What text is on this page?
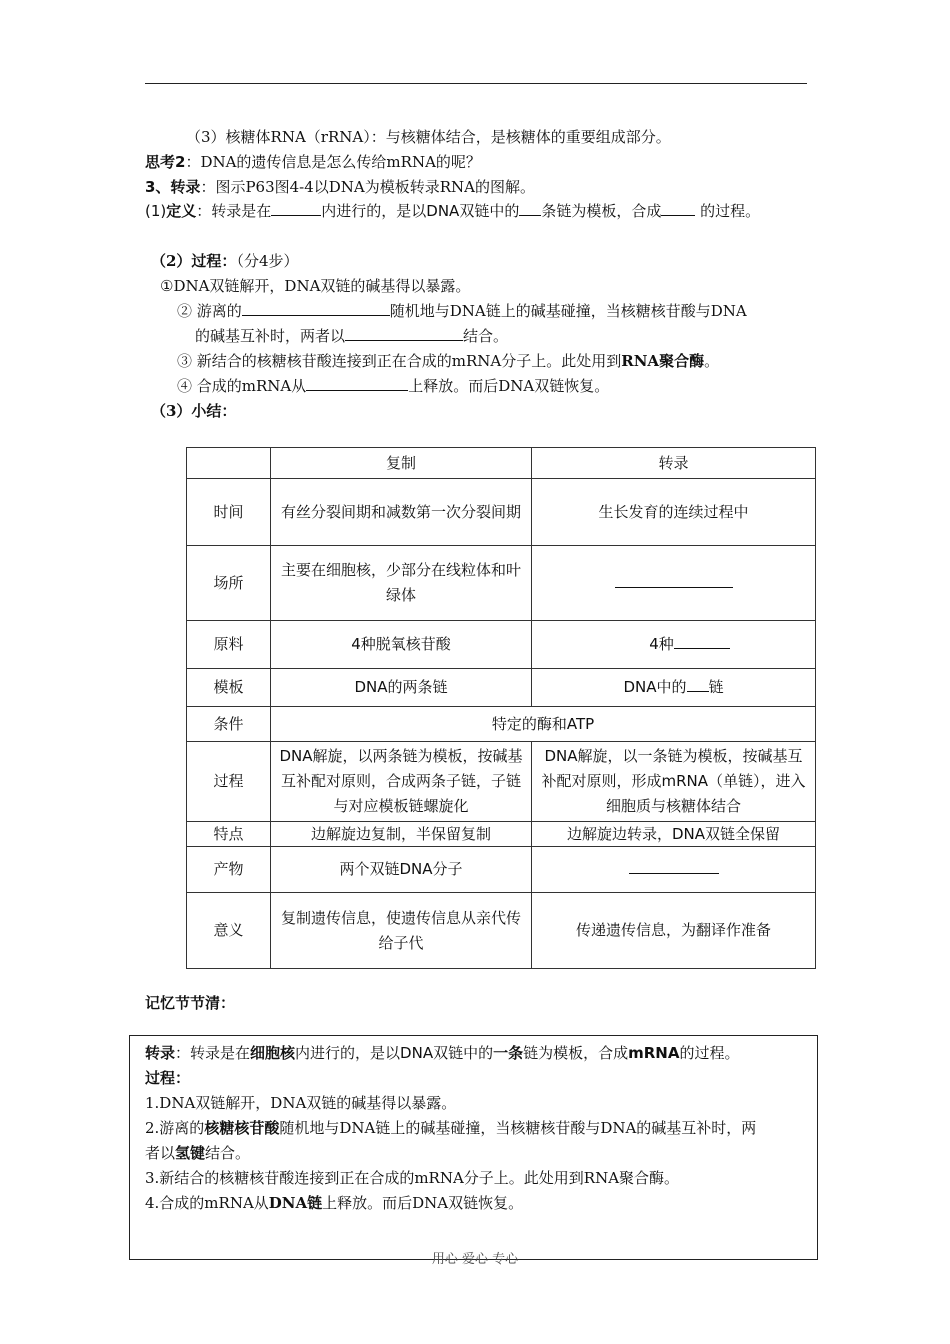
（3）核糖体RNA（rRNA）：与核糖体结合，是核糖体的重要组成部分。
思考2：DNA的遗传信息是怎么传给mRNA的呢？
3、转录：图示P63图4-4以DNA为模板转录RNA的图解。
(1)定义：转录是在	内进行的，是以DNA双链中的 条链为模板，合成 的过程。
（2）过程：（分4步）
①DNA双链解开，DNA双链的碱基得以暴露。
② 游离的	随机地与DNA链上的碱基碰撞，当核糖核苷酸与DNA
的碱基互补时，两者以	结合。
③ 新结合的核糖核苷酸连接到正在合成的mRNA分子上。此处用到RNA聚合酶。
④ 合成的mRNA从	上释放。而后DNA双链恢复。
（3）小结：
	复制	转录
时间	有丝分裂间期和减数第一次分裂间期	生长发育的连续过程中
场所	主要在细胞核，少部分在线粒体和叶绿体	
原料	4种脱氧核苷酸	4种
模板	DNA的两条链	DNA中的 链
条件	特定的酶和ATP	
过程	DNA解旋，以两条链为模板，按碱基互补配对原则，合成两条子链，子链与对应模板链螺旋化	DNA解旋，以一条链为模板，按碱基互补配对原则，形成mRNA（单链），进入细胞质与核糖体结合
特点	边解旋边复制，半保留复制	边解旋边转录，DNA双链全保留
产物	两个双链DNA分子	
意义	复制遗传信息，使遗传信息从亲代传给子代	传递遗传信息，为翻译作准备
记忆节节清：
转录：转录是在细胞核内进行的，是以DNA双链中的一条链为模板，合成mRNA的过程。
过程：
1.DNA双链解开，DNA双链的碱基得以暴露。
2.游离的核糖核苷酸随机地与DNA链上的碱基碰撞，当核糖核苷酸与DNA的碱基互补时，两
者以氢键结合。
3.新结合的核糖核苷酸连接到正在合成的mRNA分子上。此处用到RNA聚合酶。
4.合成的mRNA从DNA链上释放。而后DNA双链恢复。
用心 爱心 专心
